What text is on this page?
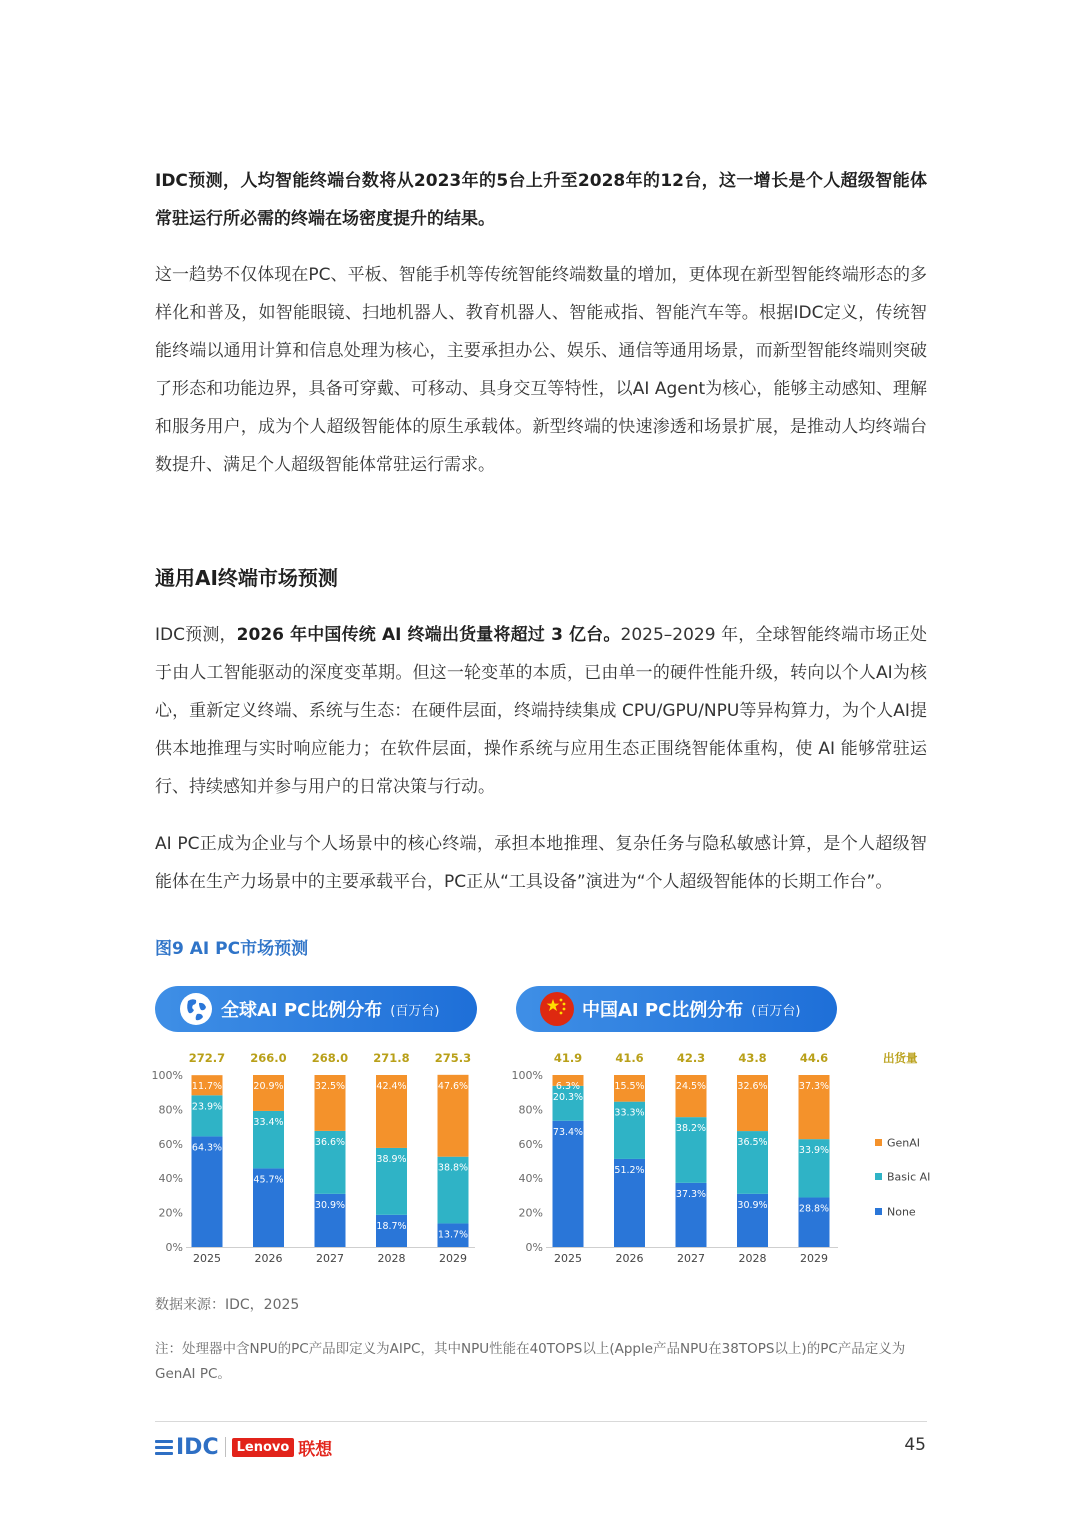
IDC预测，人均智能终端台数将从2023年的5台上升至2028年的12台，这一增长是个人超级智能体常驻运行所必需的终端在场密度提升的结果。

这一趋势不仅体现在PC、平板、智能手机等传统智能终端数量的增加，更体现在新型智能终端形态的多样化和普及，如智能眼镜、扫地机器人、教育机器人、智能戒指、智能汽车等。根据IDC定义，传统智能终端以通用计算和信息处理为核心，主要承担办公、娱乐、通信等通用场景，而新型智能终端则突破了形态和功能边界，具备可穿戴、可移动、具身交互等特性，以AI Agent为核心，能够主动感知、理解和服务用户，成为个人超级智能体的原生承载体。新型终端的快速渗透和场景扩展，是推动人均终端台数提升、满足个人超级智能体常驻运行需求。

通用AI终端市场预测

IDC预测，2026 年中国传统 AI 终端出货量将超过 3 亿台。2025–2029 年，全球智能终端市场正处于由人工智能驱动的深度变革期。但这一轮变革的本质，已由单一的硬件性能升级，转向以个人AI为核心，重新定义终端、系统与生态：在硬件层面，终端持续集成 CPU/GPU/NPU等异构算力，为个人AI提供本地推理与实时响应能力；在软件层面，操作系统与应用生态正围绕智能体重构，使 AI 能够常驻运行、持续感知并参与用户的日常决策与行动。

AI PC正成为企业与个人场景中的核心终端，承担本地推理、复杂任务与隐私敏感计算，是个人超级智能体在生产力场景中的主要承载平台，PC正从“工具设备”演进为“个人超级智能体的长期工作台”。

图9 AI PC市场预测
全球AI PC比例分布 (百万台)	中国AI PC比例分布 (百万台)
0%
20%
40%
60%
80%
100%
64.3%
23.9%
11.7%
272.7
2025
45.7%
33.4%
20.9%
266.0
2026
30.9%
36.6%
32.5%
268.0
2027
18.7%
38.9%
42.4%
271.8
2028
13.7%
38.8%
47.6%
275.3
2029
0%
20%
40%
60%
80%
100%
73.4%
20.3%
6.3%
41.9
2025
51.2%
33.3%
15.5%
41.6
2026
37.3%
38.2%
24.5%
42.3
2027
30.9%
36.5%
32.6%
43.8
2028
28.8%
33.9%
37.3%
44.6
2029
出货量
GenAI
Basic AI
None
数据来源：IDC，2025
注：处理器中含NPU的PC产品即定义为AIPC，其中NPU性能在40TOPS以上(Apple产品NPU在38TOPS以上)的PC产品定义为GenAI PC。
IDC	Lenovo 联想	45
